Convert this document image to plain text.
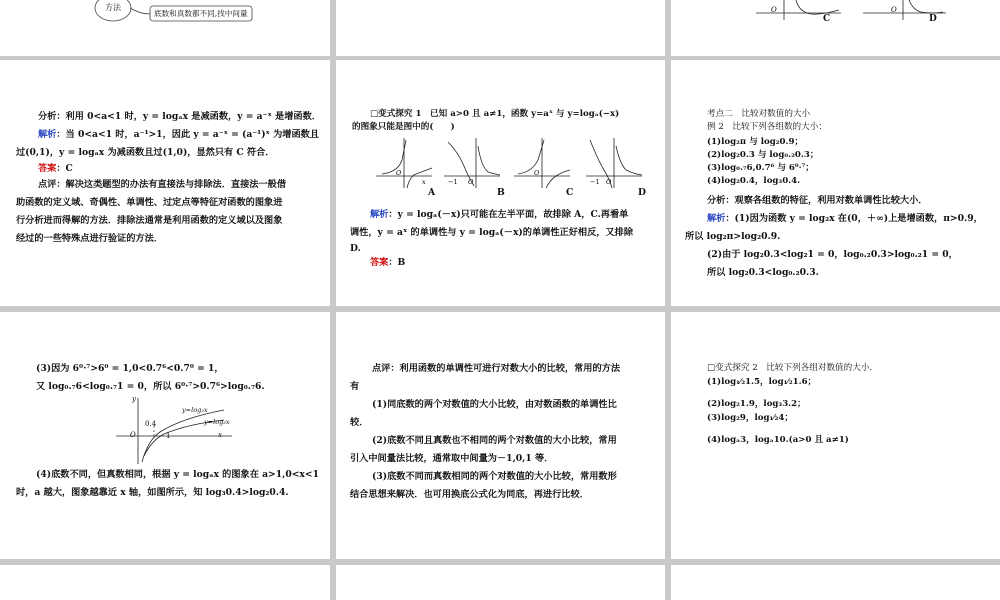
方法
底数和真数都不同,找中间量	O	O
C	D
分析：利用 0<a<1 时，y = logₐx 是减函数，y = a⁻ˣ 是增函数．
解析：当 0<a<1 时，a⁻¹>1，因此 y = a⁻ˣ = (a⁻¹)ˣ 为增函数且
过(0,1)，y = logₐx 为减函数且过(1,0)，显然只有 C 符合．
答案：C
点评：解决这类题型的办法有直接法与排除法．直接法一般借
助函数的定义域、奇偶性、单调性、过定点等特征对函数的图象进
行分析进而得解的方法．排除法通常是利用函数的定义域以及图象
经过的一些特殊点进行验证的方法．
□变式探究 1　已知 a>0 且 a≠1，函数 y=aˣ 与 y=logₐ(−x)
的图象只能是图中的(　　)
O
x	−1 O
O
−1 O
A	B	C	D
解析：y = logₐ(－x)只可能在左半平面，故排除 A，C.再看单
调性，y = aˣ 的单调性与 y = logₐ(－x)的单调性正好相反，又排除
D.
答案：B
考点二　比较对数值的大小
例 2　比较下列各组数的大小：
(1)log₂π 与 log₂0.9；
(2)log₂0.3 与 log₀.₂0.3；
(3)log₀.₇6,0.7⁶ 与 6⁰·⁷；
(4)log₂0.4，log₃0.4.
分析：观察各组数的特征，利用对数单调性比较大小．
解析：(1)因为函数 y = log₂x 在(0，＋∞)上是增函数，π>0.9，
所以 log₂π>log₂0.9.
(2)由于 log₂0.3<log₂1 = 0，log₀.₂0.3>log₀.₂1 = 0，
所以 log₂0.3<log₀.₂0.3.
(3)因为 6⁰·⁷>6⁰ = 1,0<0.7⁶<0.7⁰ = 1，
又 log₀.₇6<log₀.₇1 = 0，所以 6⁰·⁷>0.7⁶>log₀.₇6.
y
x
O
0.4
1
y=log₂x
y=log₃x
(4)底数不同，但真数相同，根据 y = logₐx 的图象在 a>1,0<x<1
时，a 越大，图象越靠近 x 轴，如图所示，知 log₃0.4>log₂0.4.
点评：利用函数的单调性可进行对数大小的比较，常用的方法
有
(1)同底数的两个对数值的大小比较，由对数函数的单调性比
较．
(2)底数不同且真数也不相同的两个对数值的大小比较，常用
引入中间量法比较，通常取中间量为－1,0,1 等．
(3)底数不同而真数相同的两个对数值的大小比较，常用数形
结合思想来解决．也可用换底公式化为同底，再进行比较．
□变式探究 2　比较下列各组对数值的大小．
(1)log₁⁄₂1.5，log₁⁄₂1.6；
(2)log₂1.9，log₃3.2；
(3)log₂9，log₁⁄₂4；
(4)logₐ3，logₐ10.(a>0 且 a≠1)
